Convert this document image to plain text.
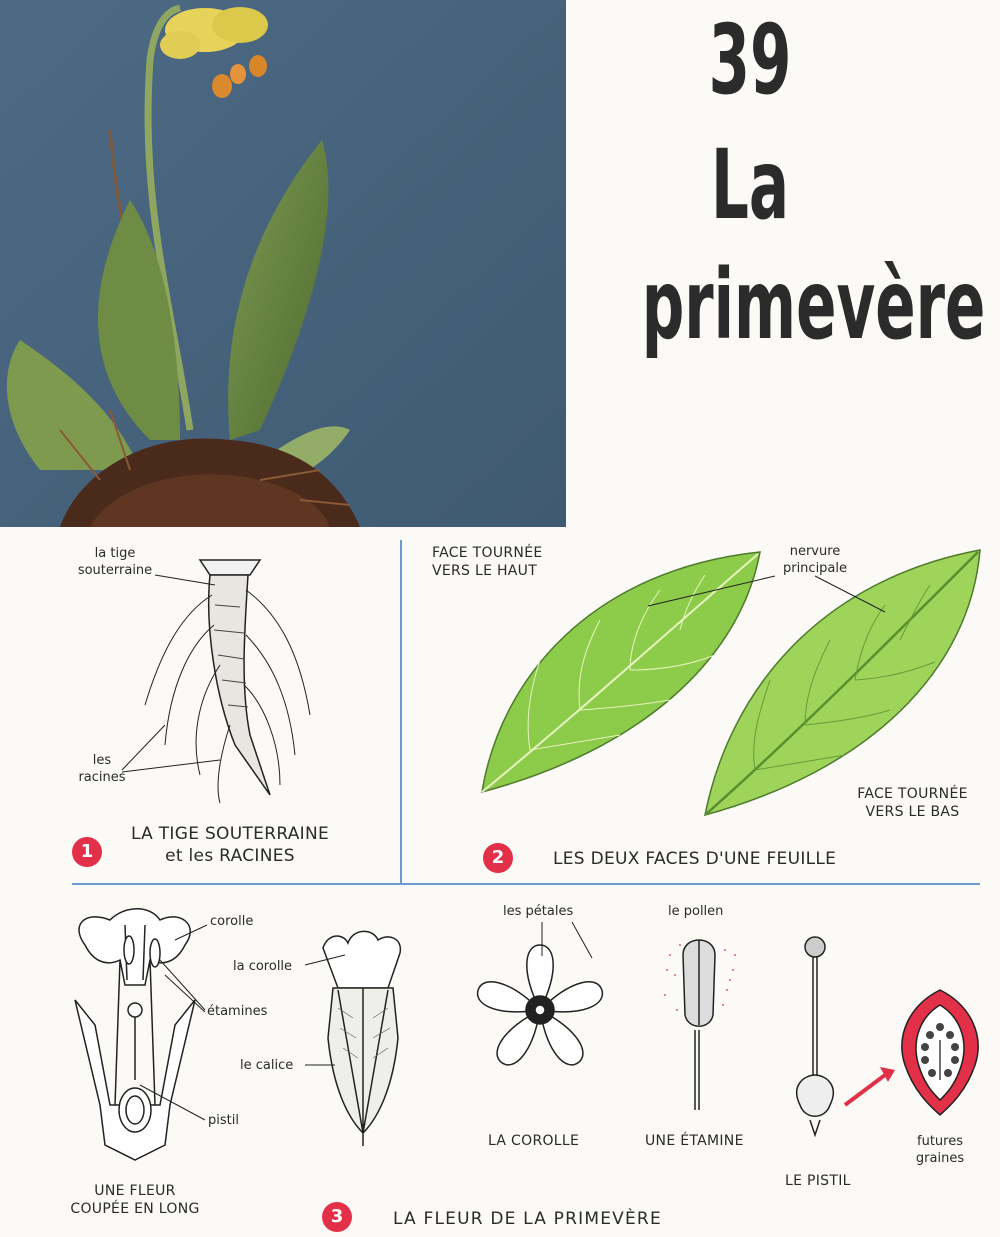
39
La
primevère
la tige
souterraine
les
racines
1
LA TIGE SOUTERRAINE
et les RACINES
FACE TOURNÉE
VERS LE HAUT
nervure
principale
FACE TOURNÉE
VERS LE BAS
2	LES DEUX FACES D'UNE FEUILLE
corolle
étamines
pistil
UNE FLEUR
COUPÉE EN LONG
la corolle
le calice
les pétales
LA COROLLE
le pollen
UNE ÉTAMINE
LE PISTIL
futures
graines
3	LA FLEUR DE LA PRIMEVÈRE
